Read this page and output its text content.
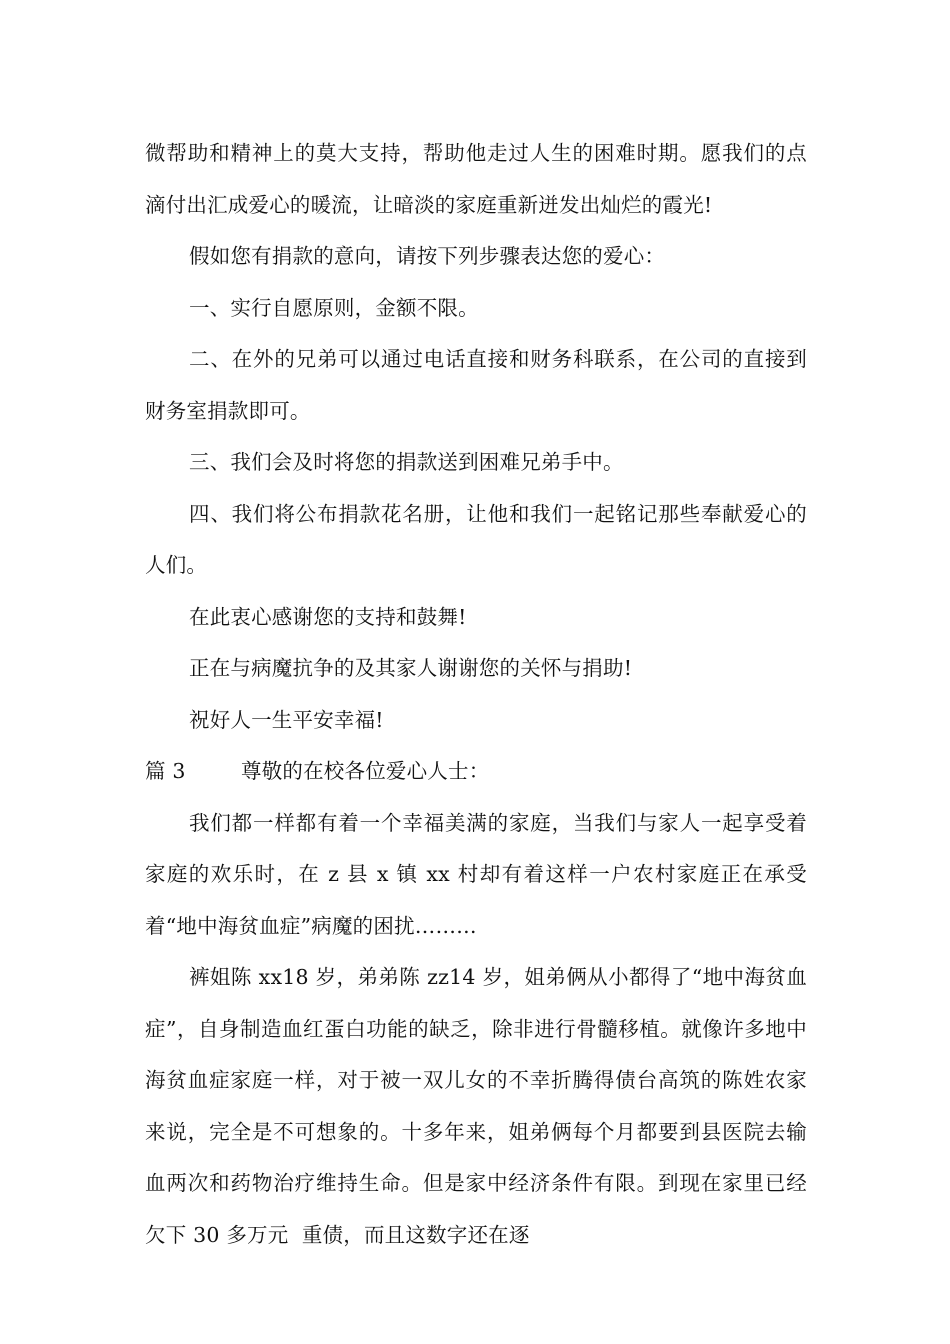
微帮助和精神上的莫大支持，帮助他走过人生的困难时期。愿我们的点滴付出汇成爱心的暖流，让暗淡的家庭重新迸发出灿烂的霞光!

假如您有捐款的意向，请按下列步骤表达您的爱心：

一、实行自愿原则，金额不限。

二、在外的兄弟可以通过电话直接和财务科联系，在公司的直接到财务室捐款即可。

三、我们会及时将您的捐款送到困难兄弟手中。

四、我们将公布捐款花名册，让他和我们一起铭记那些奉献爱心的人们。

在此衷心感谢您的支持和鼓舞!

正在与病魔抗争的及其家人谢谢您的关怀与捐助!

祝好人一生平安幸福!

篇 3	尊敬的在校各位爱心人士：

我们都一样都有着一个幸福美满的家庭，当我们与家人一起享受着家庭的欢乐时，在 z 县 x 镇 xx 村却有着这样一户农村家庭正在承受着“地中海贫血症”病魔的困扰………

裤姐陈 xx18 岁，弟弟陈 zz14 岁，姐弟俩从小都得了“地中海贫血症”，自身制造血红蛋白功能的缺乏，除非进行骨髓移植。就像许多地中海贫血症家庭一样，对于被一双儿女的不幸折腾得债台高筑的陈姓农家来说，完全是不可想象的。十多年来，姐弟俩每个月都要到县医院去输血两次和药物治疗维持生命。但是家中经济条件有限。到现在家里已经欠下 30 多万元  重债，而且这数字还在逐
